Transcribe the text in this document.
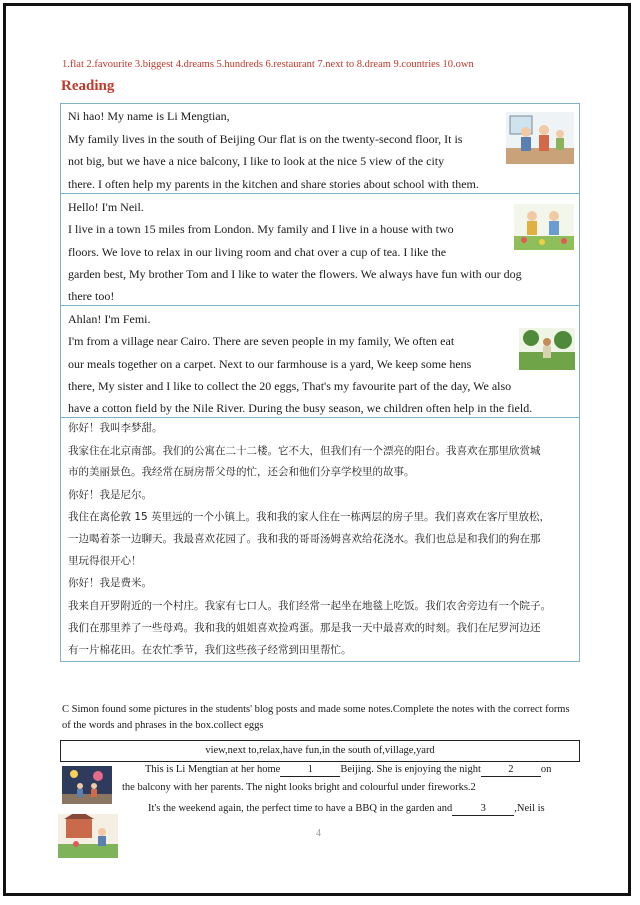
1.flat 2.favourite 3.biggest 4.dreams 5.hundreds 6.restaurant 7.next to 8.dream 9.countries 10.own
Reading
Ni hao! My name is Li Mengtian,
My family lives in the south of Beijing Our flat is on the twenty-second floor, It is
not big, but we have a nice balcony, I like to look at the nice 5 view of the city
there. I often help my parents in the kitchen and share stories about school with them.
Hello! I'm Neil.
I live in a town 15 miles from London. My family and I live in a house with two
floors. We love to relax in our living room and chat over a cup of tea. I like the
garden best, My brother Tom and I like to water the flowers. We always have fun with our dog
there too!
Ahlan! I'm Femi.
I'm from a village near Cairo. There are seven people in my family, We often eat
our meals together on a carpet. Next to our farmhouse is a yard, We keep some hens
there, My sister and I like to collect the 20 eggs, That's my favourite part of the day, We also
have a cotton field by the Nile River. During the busy season, we children often help in the field.
你好！我叫李梦甜。
我家住在北京南部。我们的公寓在二十二楼。它不大，但我们有一个漂亮的阳台。我喜欢在那里欣赏城
市的美丽景色。我经常在厨房帮父母的忙，还会和他们分享学校里的故事。
你好！我是尼尔。
我住在离伦敦 15 英里远的一个小镇上。我和我的家人住在一栋两层的房子里。我们喜欢在客厅里放松，
一边喝着茶一边聊天。我最喜欢花园了。我和我的哥哥汤姆喜欢给花浇水。我们也总是和我们的狗在那
里玩得很开心！
你好！我是费米。
我来自开罗附近的一个村庄。我家有七口人。我们经常一起坐在地毯上吃饭。我们农舍旁边有一个院子。
我们在那里养了一些母鸡。我和我的姐姐喜欢捡鸡蛋。那是我一天中最喜欢的时刻。我们在尼罗河边还
有一片棉花田。在农忙季节，我们这些孩子经常到田里帮忙。
C Simon found some pictures in the students' blog posts and made some notes.Complete the notes with the correct forms of the words and phrases in the box.collect eggs
view,next to,relax,have fun,in the south of,village,yard
This is Li Mengtian at her home	1	Beijing. She is enjoying the night	2	on
the balcony with her parents. The night looks bright and colourful under fireworks.2
It's the weekend again, the perfect time to have a BBQ in the garden and	3	,Neil is
4
